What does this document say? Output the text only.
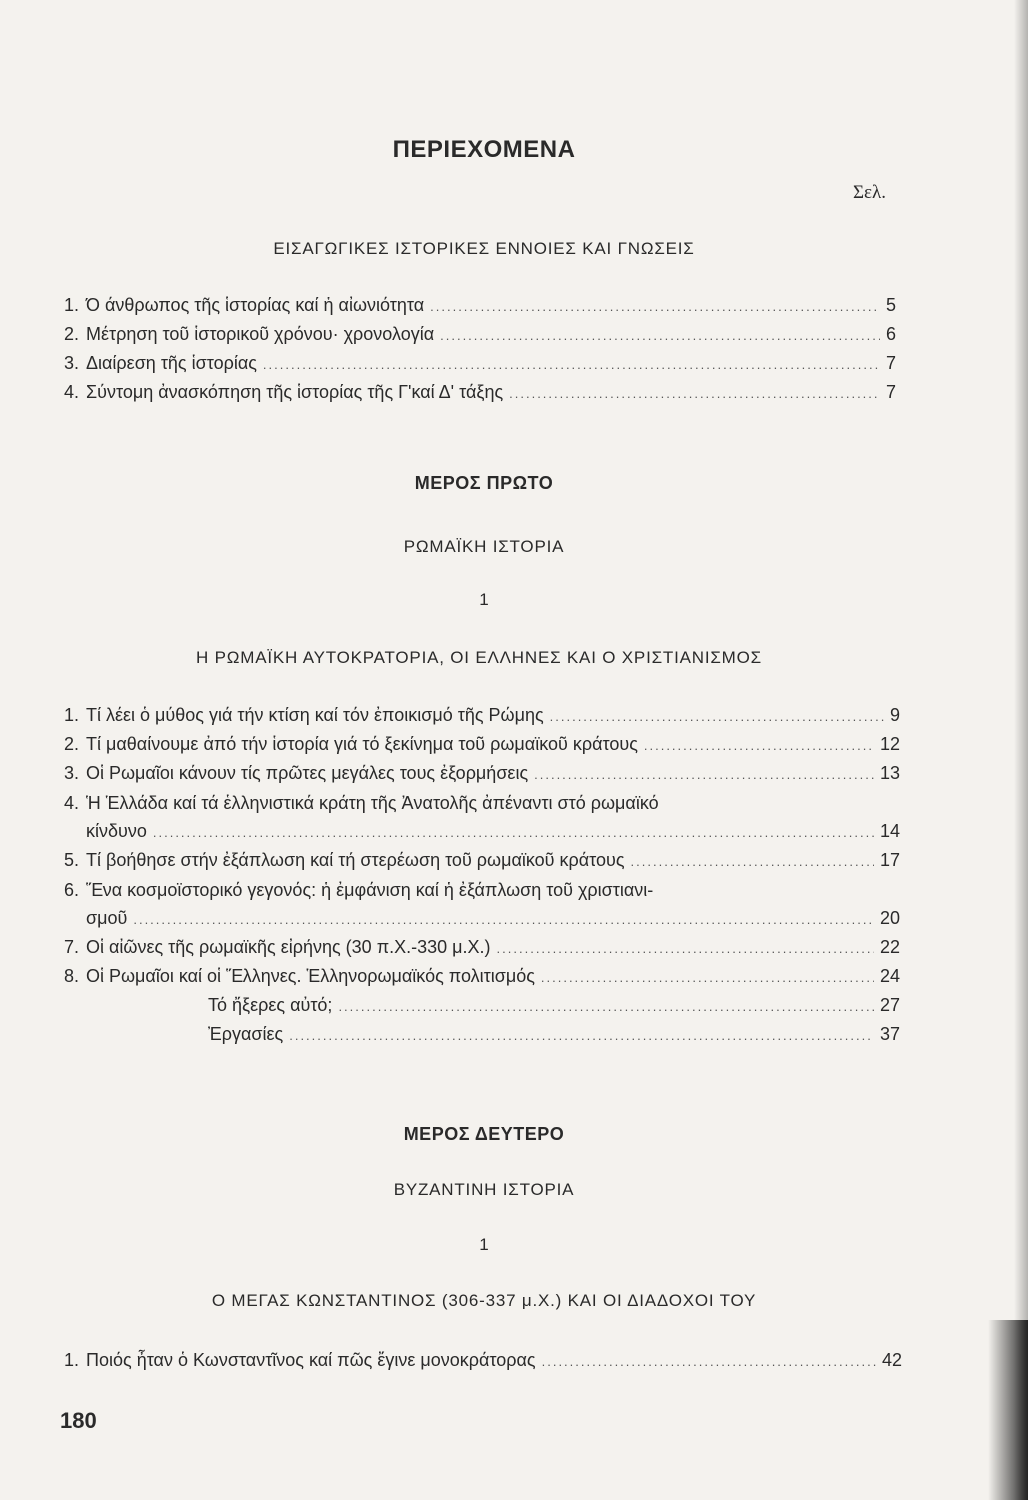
ΠΕΡΙΕΧΟΜΕΝΑ
Σελ.
ΕΙΣΑΓΩΓΙΚΕΣ ΙΣΤΟΡΙΚΕΣ ΕΝΝΟΙΕΣ ΚΑΙ ΓΝΩΣΕΙΣ
1. Ό άνθρωπος τῆς ἱστορίας καί ἡ αἰωνιότητα .....	5
2. Μέτρηση τοῦ ἱστορικοῦ χρόνου· χρονολογία .....	6
3. Διαίρεση τῆς ἱστορίας .....	7
4. Σύντομη ἀνασκόπηση τῆς ἱστορίας τῆς Γ'καί Δ' τάξης .....	7
ΜΕΡΟΣ ΠΡΩΤΟ
ΡΩΜΑΪΚΗ ΙΣΤΟΡΙΑ
1
Η ΡΩΜΑΪΚΗ ΑΥΤΟΚΡΑΤΟΡΙΑ, ΟΙ ΕΛΛΗΝΕΣ ΚΑΙ Ο ΧΡΙΣΤΙΑΝΙΣΜΟΣ
1. Τί λέει ὁ μύθος γιά τήν κτίση καί τόν ἐποικισμό τῆς Ρώμης .....	9
2. Τί μαθαίνουμε ἀπό τήν ἱστορία γιά τό ξεκίνημα τοῦ ρωμαϊκοῦ κράτους .....	12
3. Οἱ Ρωμαῖοι κάνουν τίς πρῶτες μεγάλες τους ἐξορμήσεις .....	13
4. Ἡ Ἑλλάδα καί τά ἑλληνιστικά κράτη τῆς Ἀνατολῆς ἀπέναντι στό ρωμαϊκό
κίνδυνο .....	14
5. Τί βοήθησε στήν ἐξάπλωση καί τή στερέωση τοῦ ρωμαϊκοῦ κράτους .....	17
6. Ἕνα κοσμοϊστορικό γεγονός: ἡ ἐμφάνιση καί ἡ ἐξάπλωση τοῦ χριστιανι-
σμοῦ .....	20
7. Οἱ αἰῶνες τῆς ρωμαϊκῆς εἰρήνης (30 π.Χ.-330 μ.Χ.) .....	22
8. Οἱ Ρωμαῖοι καί οἱ Ἕλληνες. Ἑλληνορωμαϊκός πολιτισμός .....	24
Τό ἤξερες αὐτό; .....	27
Ἐργασίες .....	37
ΜΕΡΟΣ ΔΕΥΤΕΡΟ
ΒΥΖΑΝΤΙΝΗ ΙΣΤΟΡΙΑ
1
Ο ΜΕΓΑΣ ΚΩΝΣΤΑΝΤΙΝΟΣ (306-337 μ.Χ.) ΚΑΙ ΟΙ ΔΙΑΔΟΧΟΙ ΤΟΥ
1. Ποιός ἦταν ὁ Κωνσταντῖνος καί πῶς ἔγινε μονοκράτορας .....	42
180
